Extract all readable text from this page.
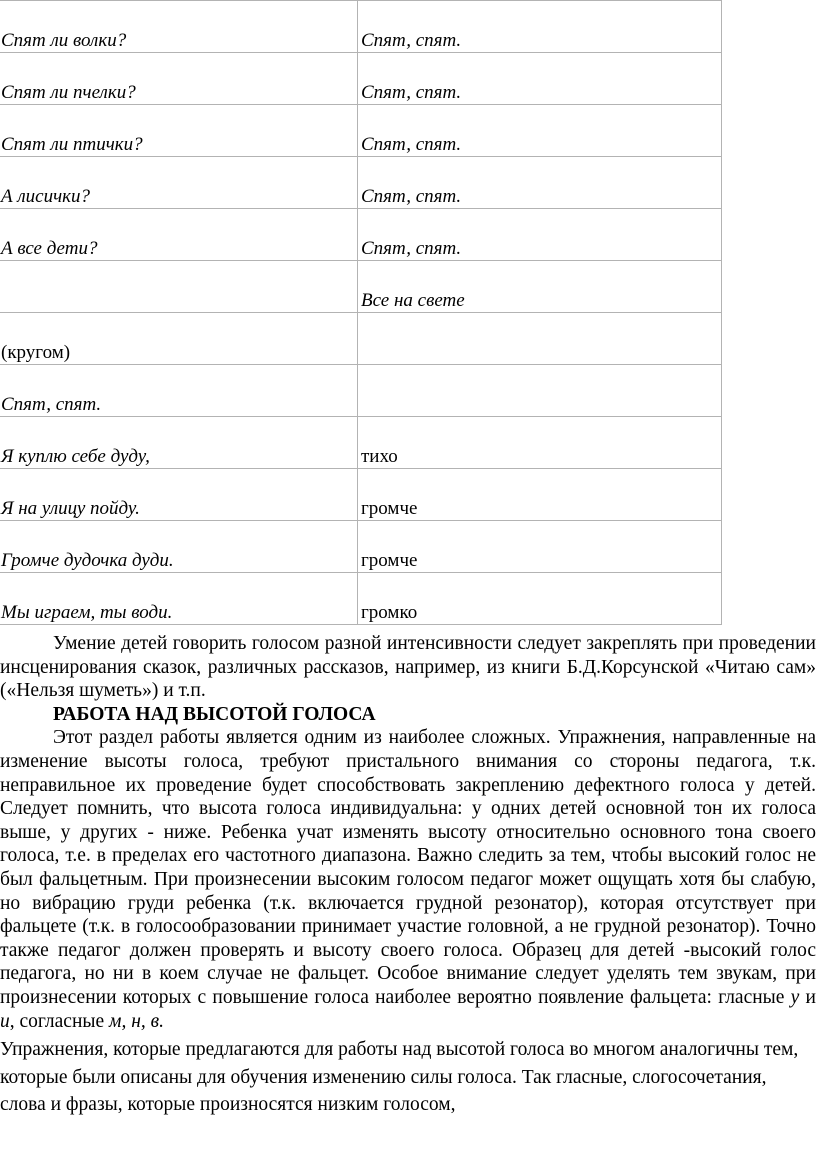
Спят ли волки?	Спят, спят.
Спят ли пчелки?	Спят, спят.
Спят ли птички?	Спят, спят.
А лисички?	Спят, спят.
А все дети?	Спят, спят.
	Все на свете
(кругом)	
Спят, спят.	
Я куплю себе дуду,	тихо
Я на улицу пойду.	громче
Громче дудочка дуди.	громче
Мы играем, ты води.	громко

Умение детей говорить голосом разной интенсивности следует закреплять при проведении инсценирования сказок, различных рассказов, например, из книги Б.Д.Корсунской «Читаю сам» («Нельзя шуметь») и т.п.

РАБОТА НАД ВЫСОТОЙ ГОЛОСА

Этот раздел работы является одним из наиболее сложных. Упражнения, направленные на изменение высоты голоса, требуют пристального внимания со стороны педагога, т.к. неправильное их проведение будет способствовать закреплению дефектного голоса у детей. Следует помнить, что высота голоса индивидуальна: у одних детей основной тон их голоса выше, у других - ниже. Ребенка учат изменять высоту относительно основного тона своего голоса, т.е. в пределах его частотного диапазона. Важно следить за тем, чтобы высокий голос не был фальцетным. При произнесении высоким голосом педагог может ощущать хотя бы слабую, но вибрацию груди ребенка (т.к. включается грудной резонатор), которая отсутствует при фальцете (т.к. в голосообразовании принимает участие головной, а не грудной резонатор). Точно также педагог должен проверять и высоту своего голоса. Образец для детей -высокий голос педагога, но ни в коем случае не фальцет. Особое внимание следует уделять тем звукам, при произнесении которых с повышение голоса наиболее вероятно появление фальцета: гласные у и и, согласные м, н, в.

Упражнения, которые предлагаются для работы над высотой голоса во многом аналогичны тем, которые были описаны для обучения изменению силы голоса. Так гласные, слогосочетания, слова и фразы, которые произносятся низким голосом,
